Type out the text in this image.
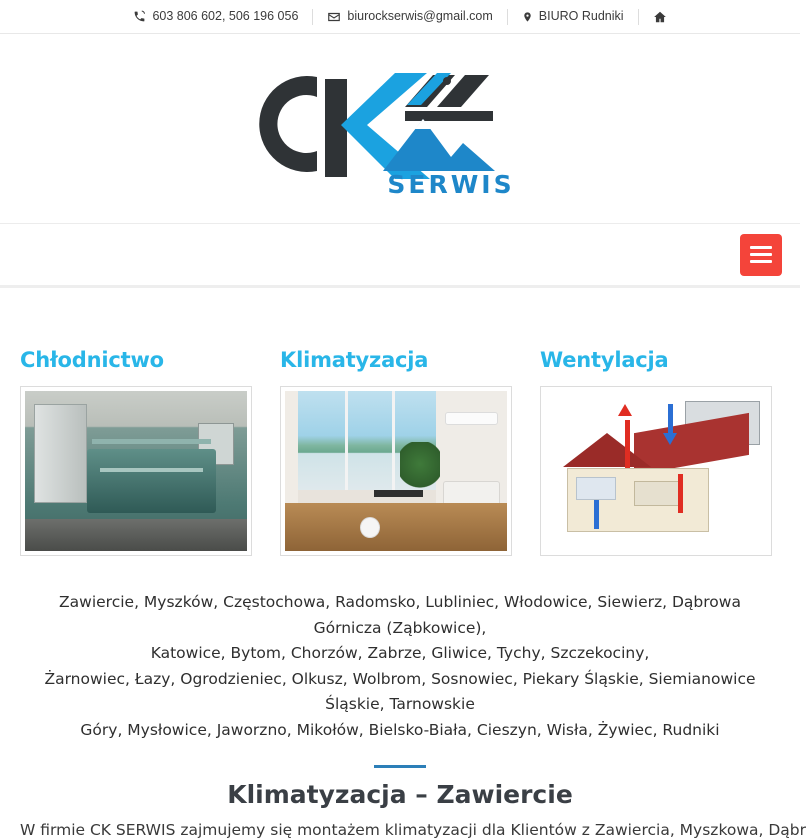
603 806 602, 506 196 056	biurockserwis@gmail.com	BIURO Rudniki
SERWIS
Chłodnictwo	Klimatyzacja	Wentylacja
Zawiercie, Myszków, Częstochowa, Radomsko, Lubliniec, Włodowice, Siewierz, Dąbrowa Górnicza (Ząbkowice),
Katowice, Bytom, Chorzów, Zabrze, Gliwice, Tychy, Szczekociny,
Żarnowiec, Łazy, Ogrodzieniec, Olkusz, Wolbrom, Sosnowiec, Piekary Śląskie, Siemianowice Śląskie, Tarnowskie
Góry, Mysłowice, Jaworzno, Mikołów, Bielsko-Biała, Cieszyn, Wisła, Żywiec, Rudniki
Klimatyzacja – Zawiercie
W firmie CK SERWIS zajmujemy się montażem klimatyzacji dla Klientów z Zawiercia, Myszkowa, Dąbr
